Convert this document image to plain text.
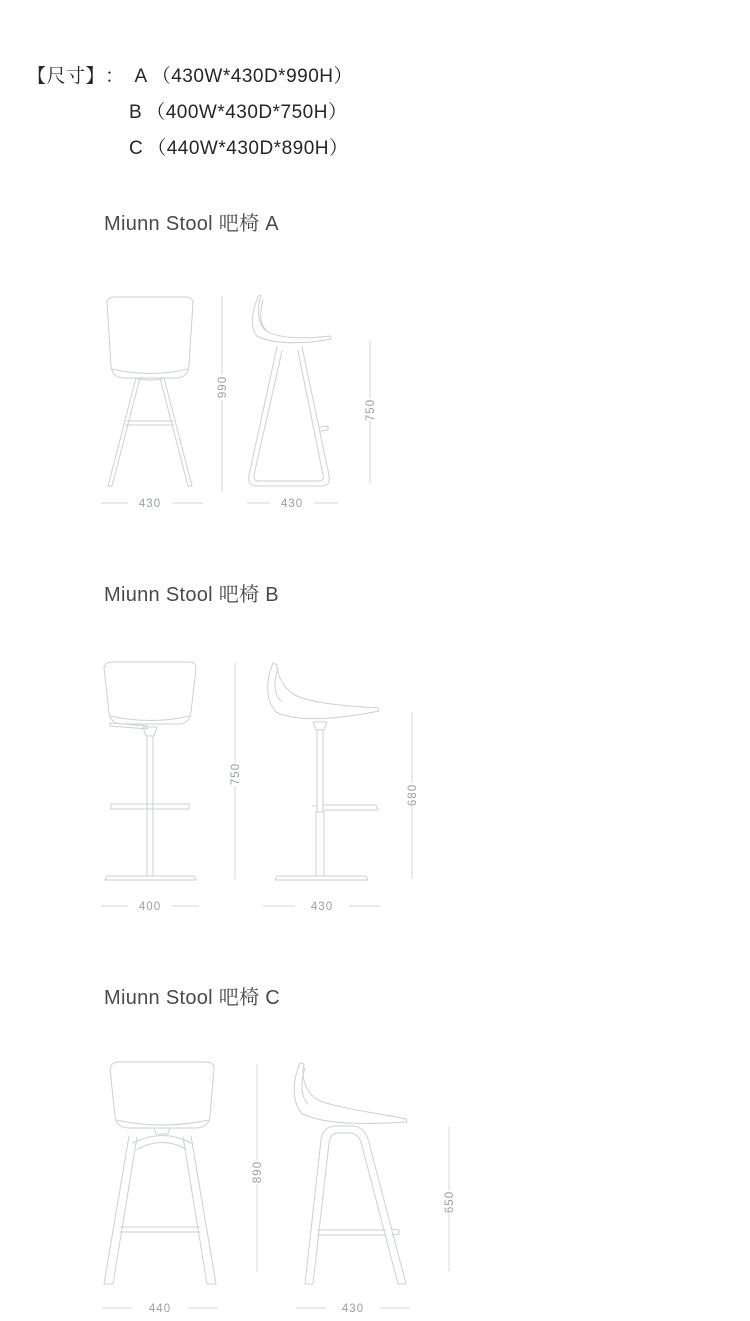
【尺寸】 ： A （430W*430D*990H）
B （400W*430D*750H）
C （440W*430D*890H）
Miunn Stool 吧椅 A
990
430
750
430
Miunn Stool 吧椅 B
750
400
680
430
Miunn Stool 吧椅 C
890
440
650
430
